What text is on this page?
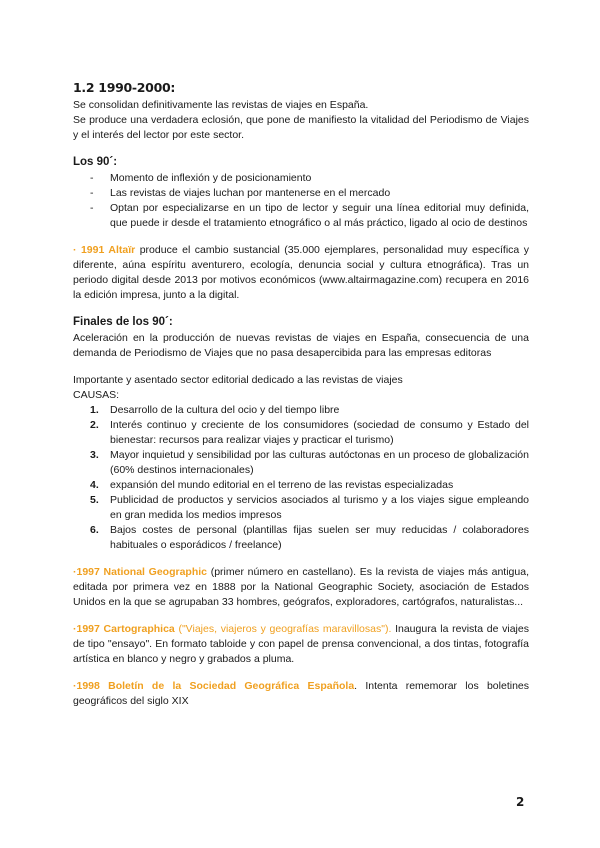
1.2 1990-2000:

Se consolidan definitivamente las revistas de viajes en España.

Se produce una verdadera eclosión, que pone de manifiesto la vitalidad del Periodismo de Viajes y el interés del lector por este sector.

Los 90´:
- Momento de inflexión y de posicionamiento
- Las revistas de viajes luchan por mantenerse en el mercado
- Optan por especializarse en un tipo de lector y seguir una línea editorial muy definida, que puede ir desde el tratamiento etnográfico o al más práctico, ligado al ocio de destinos

· 1991 Altaïr produce el cambio sustancial (35.000 ejemplares, personalidad muy específica y diferente, aúna espíritu aventurero, ecología, denuncia social y cultura etnográfica). Tras un periodo digital desde 2013 por motivos económicos (www.altairmagazine.com) recupera en 2016 la edición impresa, junto a la digital.

Finales de los 90´:

Aceleración en la producción de nuevas revistas de viajes en España, consecuencia de una demanda de Periodismo de Viajes que no pasa desapercibida para las empresas editoras

Importante y asentado sector editorial dedicado a las revistas de viajes

CAUSAS:

1. Desarrollo de la cultura del ocio y del tiempo libre
2. Interés continuo y creciente de los consumidores (sociedad de consumo y Estado del bienestar: recursos para realizar viajes y practicar el turismo)
3. Mayor inquietud y sensibilidad por las culturas autóctonas en un proceso de globalización (60% destinos internacionales)
4. expansión del mundo editorial en el terreno de las revistas especializadas
5. Publicidad de productos y servicios asociados al turismo y a los viajes sigue empleando en gran medida los medios impresos
6. Bajos costes de personal (plantillas fijas suelen ser muy reducidas / colaboradores habituales o esporádicos / freelance)

·1997 National Geographic (primer número en castellano). Es la revista de viajes más antigua, editada por primera vez en 1888 por la National Geographic Society, asociación de Estados Unidos en la que se agrupaban 33 hombres, geógrafos, exploradores, cartógrafos, naturalistas...

·1997 Cartographica ("Viajes, viajeros y geografías maravillosas"). Inaugura la revista de viajes de tipo "ensayo". En formato tabloide y con papel de prensa convencional, a dos tintas, fotografía artística en blanco y negro y grabados a pluma.

·1998 Boletín de la Sociedad Geográfica Española. Intenta rememorar los boletines geográficos del siglo XIX

2
